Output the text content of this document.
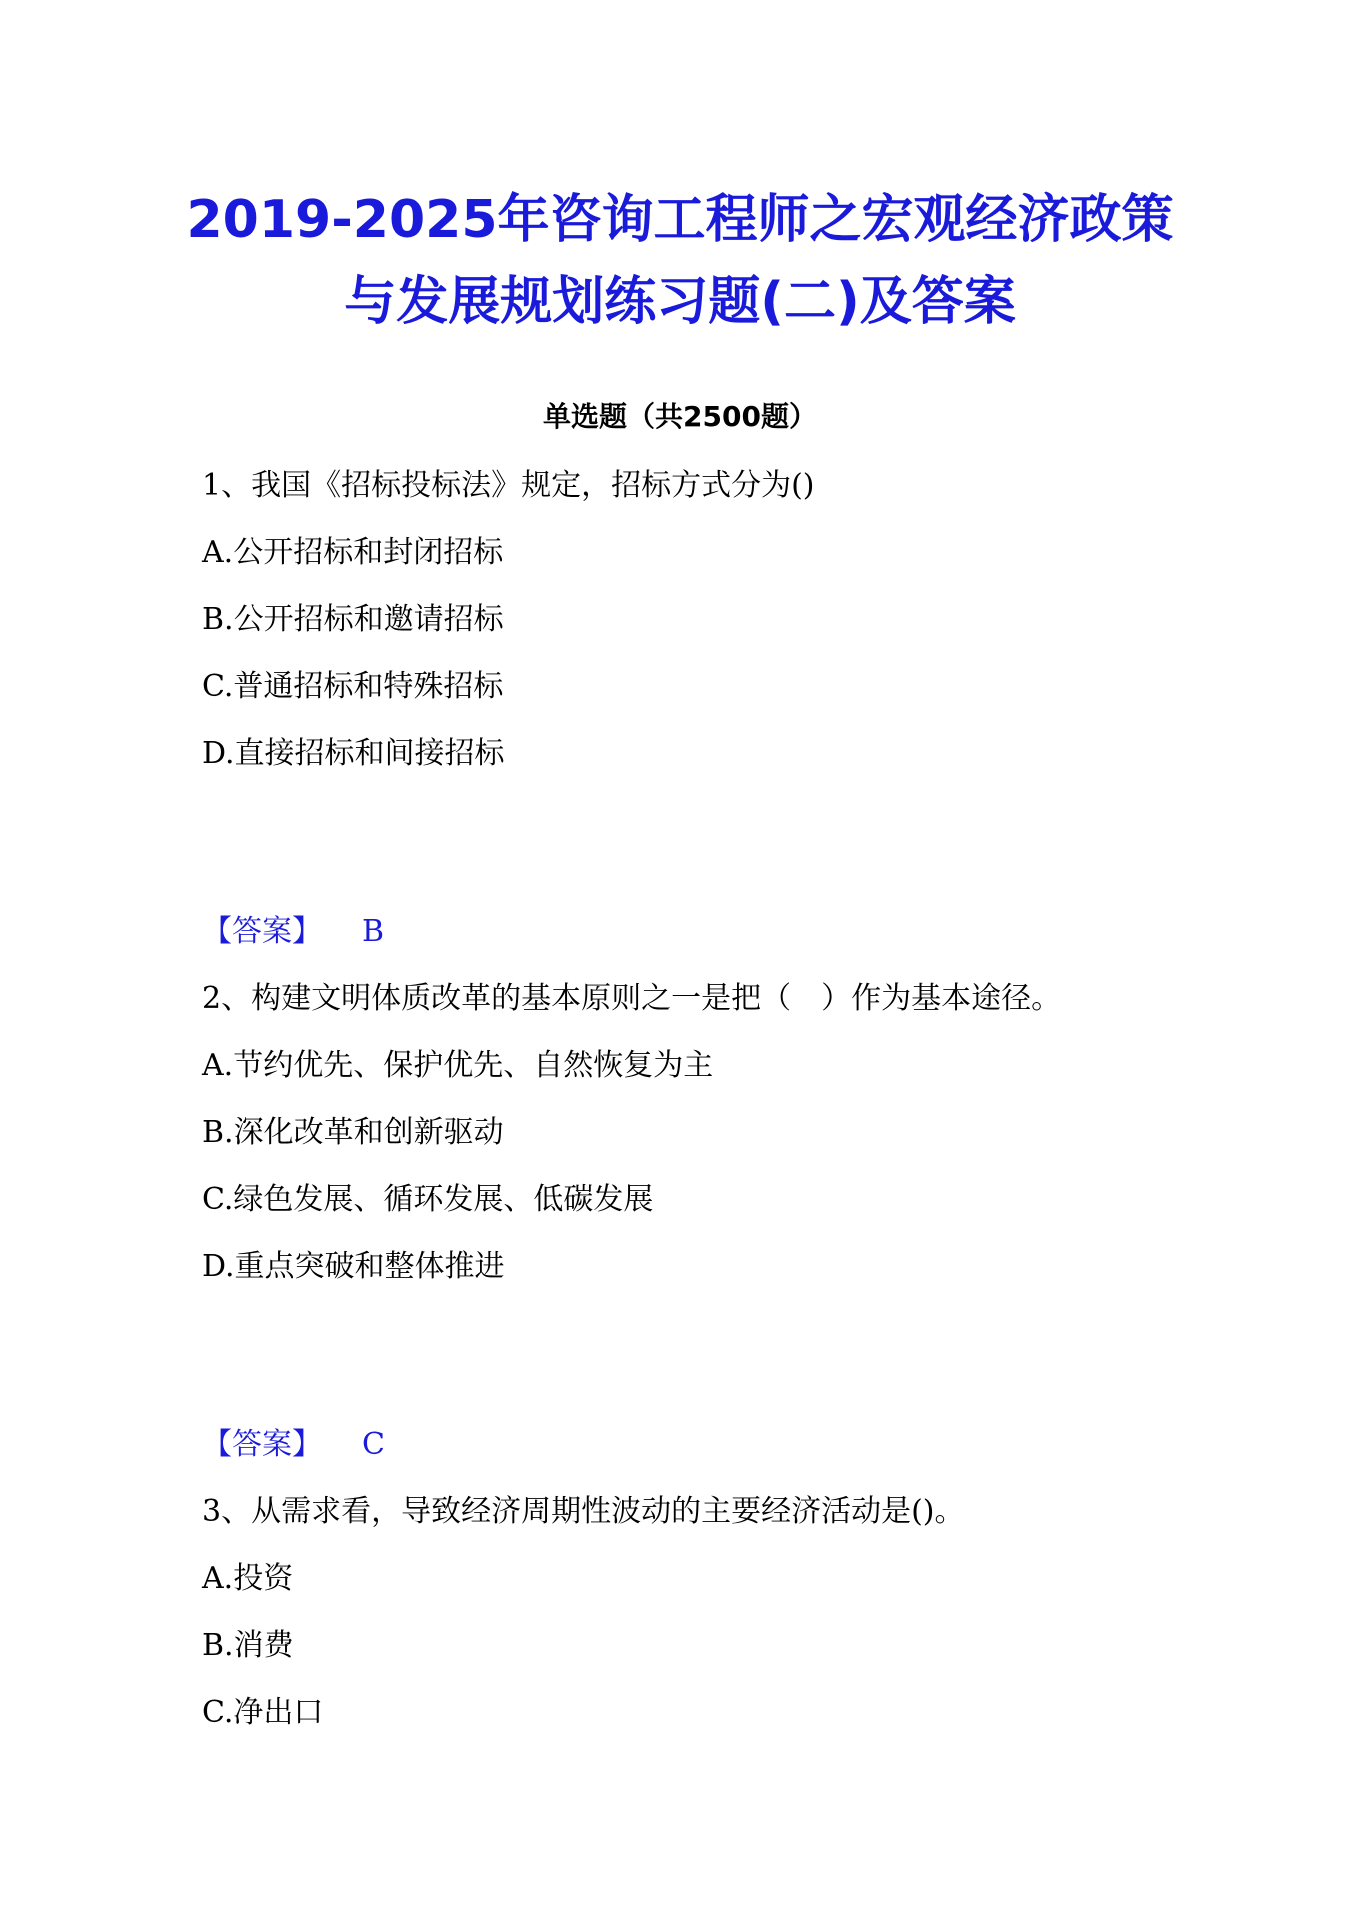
2019-2025年咨询工程师之宏观经济政策
与发展规划练习题(二)及答案
单选题（共2500题）
1、我国《招标投标法》规定，招标方式分为()
A.公开招标和封闭招标
B.公开招标和邀请招标
C.普通招标和特殊招标
D.直接招标和间接招标
【答案】 B
2、构建文明体质改革的基本原则之一是把（　）作为基本途径。
A.节约优先、保护优先、自然恢复为主
B.深化改革和创新驱动
C.绿色发展、循环发展、低碳发展
D.重点突破和整体推进
【答案】 C
3、从需求看，导致经济周期性波动的主要经济活动是()。
A.投资
B.消费
C.净出口
